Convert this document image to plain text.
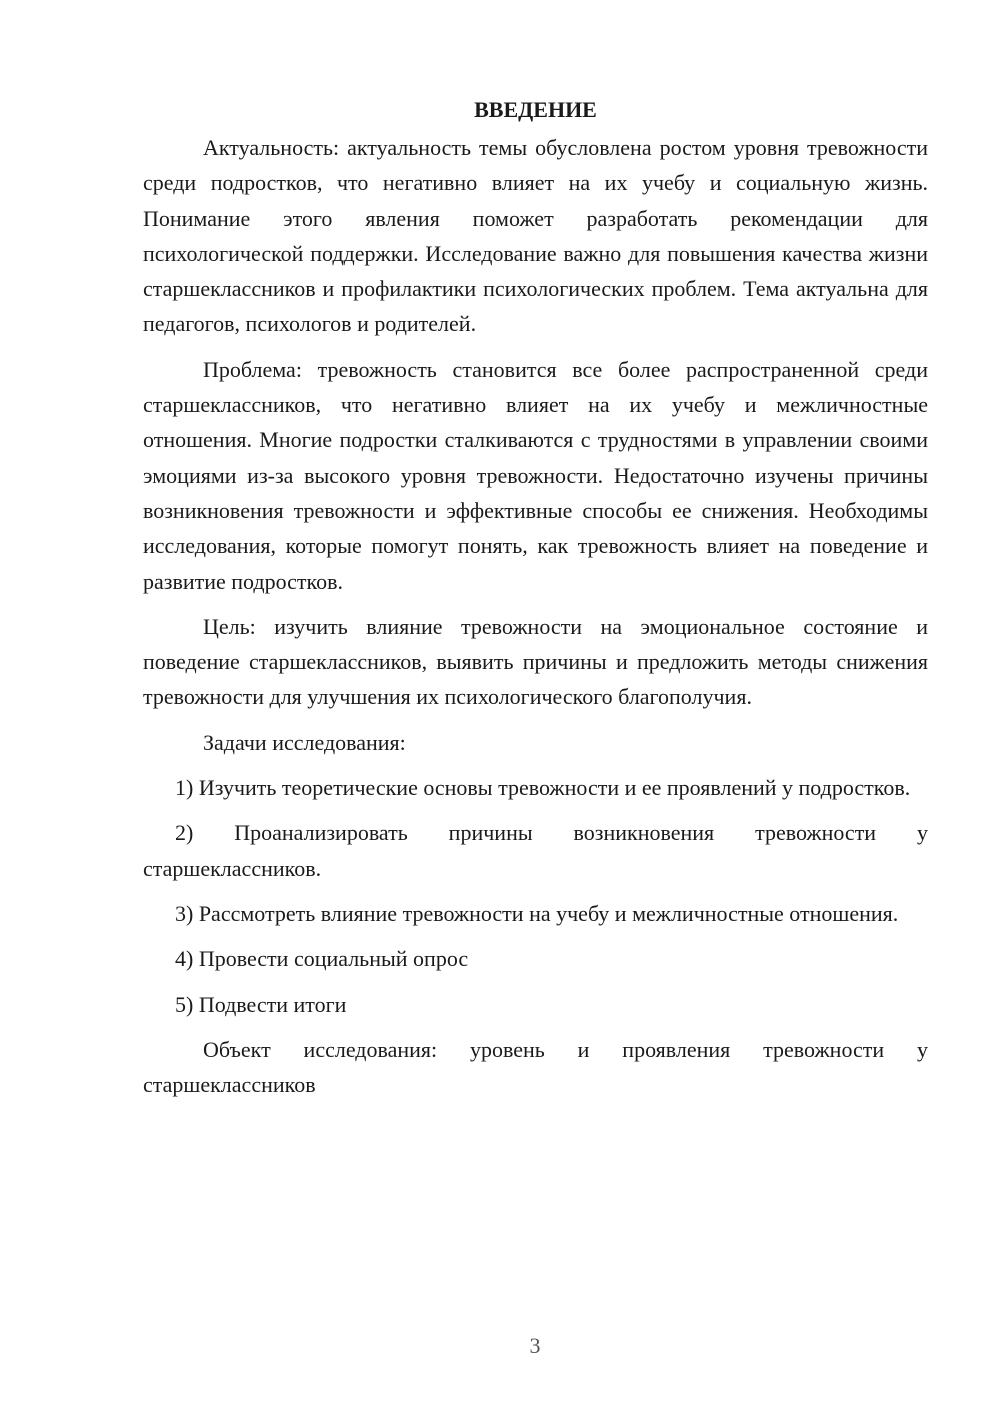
ВВЕДЕНИЕ

Актуальность: актуальность темы обусловлена ростом уровня тревожности среди подростков, что негативно влияет на их учебу и социальную жизнь. Понимание этого явления поможет разработать рекомендации для психологической поддержки. Исследование важно для повышения качества жизни старшеклассников и профилактики психологических проблем. Тема актуальна для педагогов, психологов и родителей.

Проблема: тревожность становится все более распространенной среди старшеклассников, что негативно влияет на их учебу и межличностные отношения. Многие подростки сталкиваются с трудностями в управлении своими эмоциями из-за высокого уровня тревожности. Недостаточно изучены причины возникновения тревожности и эффективные способы ее снижения. Необходимы исследования, которые помогут понять, как тревожность влияет на поведение и развитие подростков.

Цель: изучить влияние тревожности на эмоциональное состояние и поведение старшеклассников, выявить причины и предложить методы снижения тревожности для улучшения их психологического благополучия.

Задачи исследования:

1) Изучить теоретические основы тревожности и ее проявлений у подростков.

2) Проанализировать причины возникновения тревожности у старшеклассников.

3) Рассмотреть влияние тревожности на учебу и межличностные отношения.

4) Провести социальный опрос

5) Подвести итоги

Объект исследования: уровень и проявления тревожности у старшеклассников

3
